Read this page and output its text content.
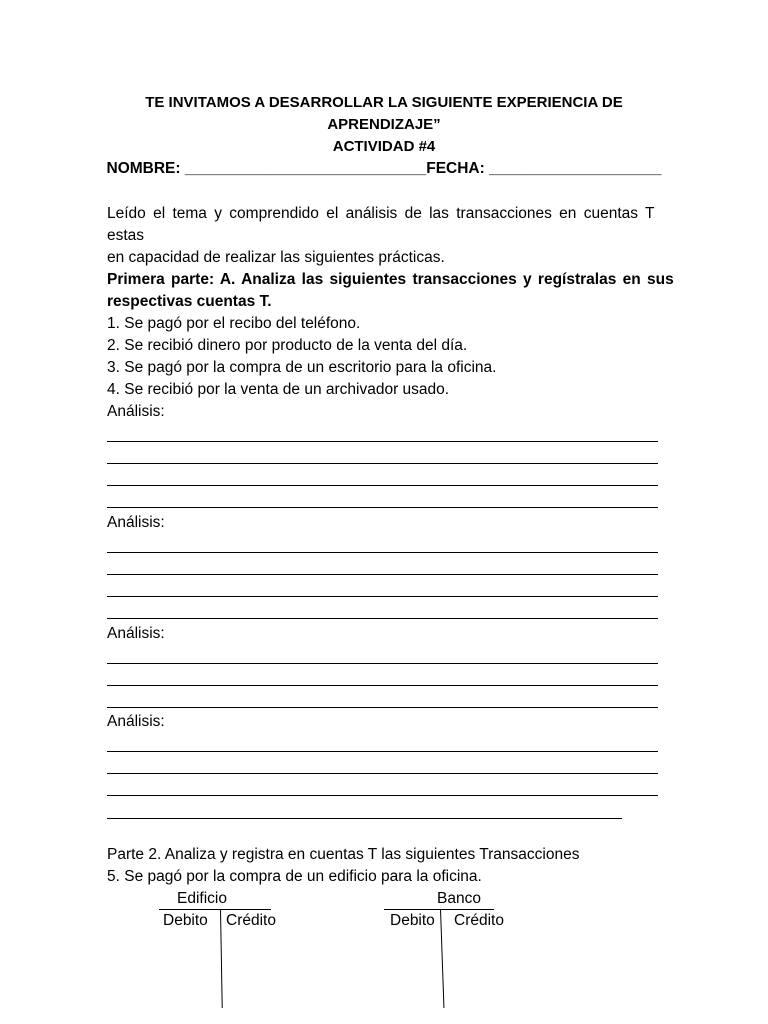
TE INVITAMOS A DESARROLLAR LA SIGUIENTE EXPERIENCIA DE
APRENDIZAJE”
ACTIVIDAD #4
NOMBRE: ____________________________FECHA: ____________________
Leído el tema y comprendido el análisis de las transacciones en cuentas T
estas
en capacidad de realizar las siguientes prácticas.
Primera parte: A. Analiza las siguientes transacciones y regístralas en sus
respectivas cuentas T.
1. Se pagó por el recibo del teléfono.
2. Se recibió dinero por producto de la venta del día.
3. Se pagó por la compra de un escritorio para la oficina.
4. Se recibió por la venta de un archivador usado.
Análisis:
Análisis:
Análisis:
Análisis:
Parte 2. Analiza y registra en cuentas T las siguientes Transacciones
5. Se pagó por la compra de un edificio para la oficina.
Edificio
Debito Crédito
Banco
Debito Crédito
